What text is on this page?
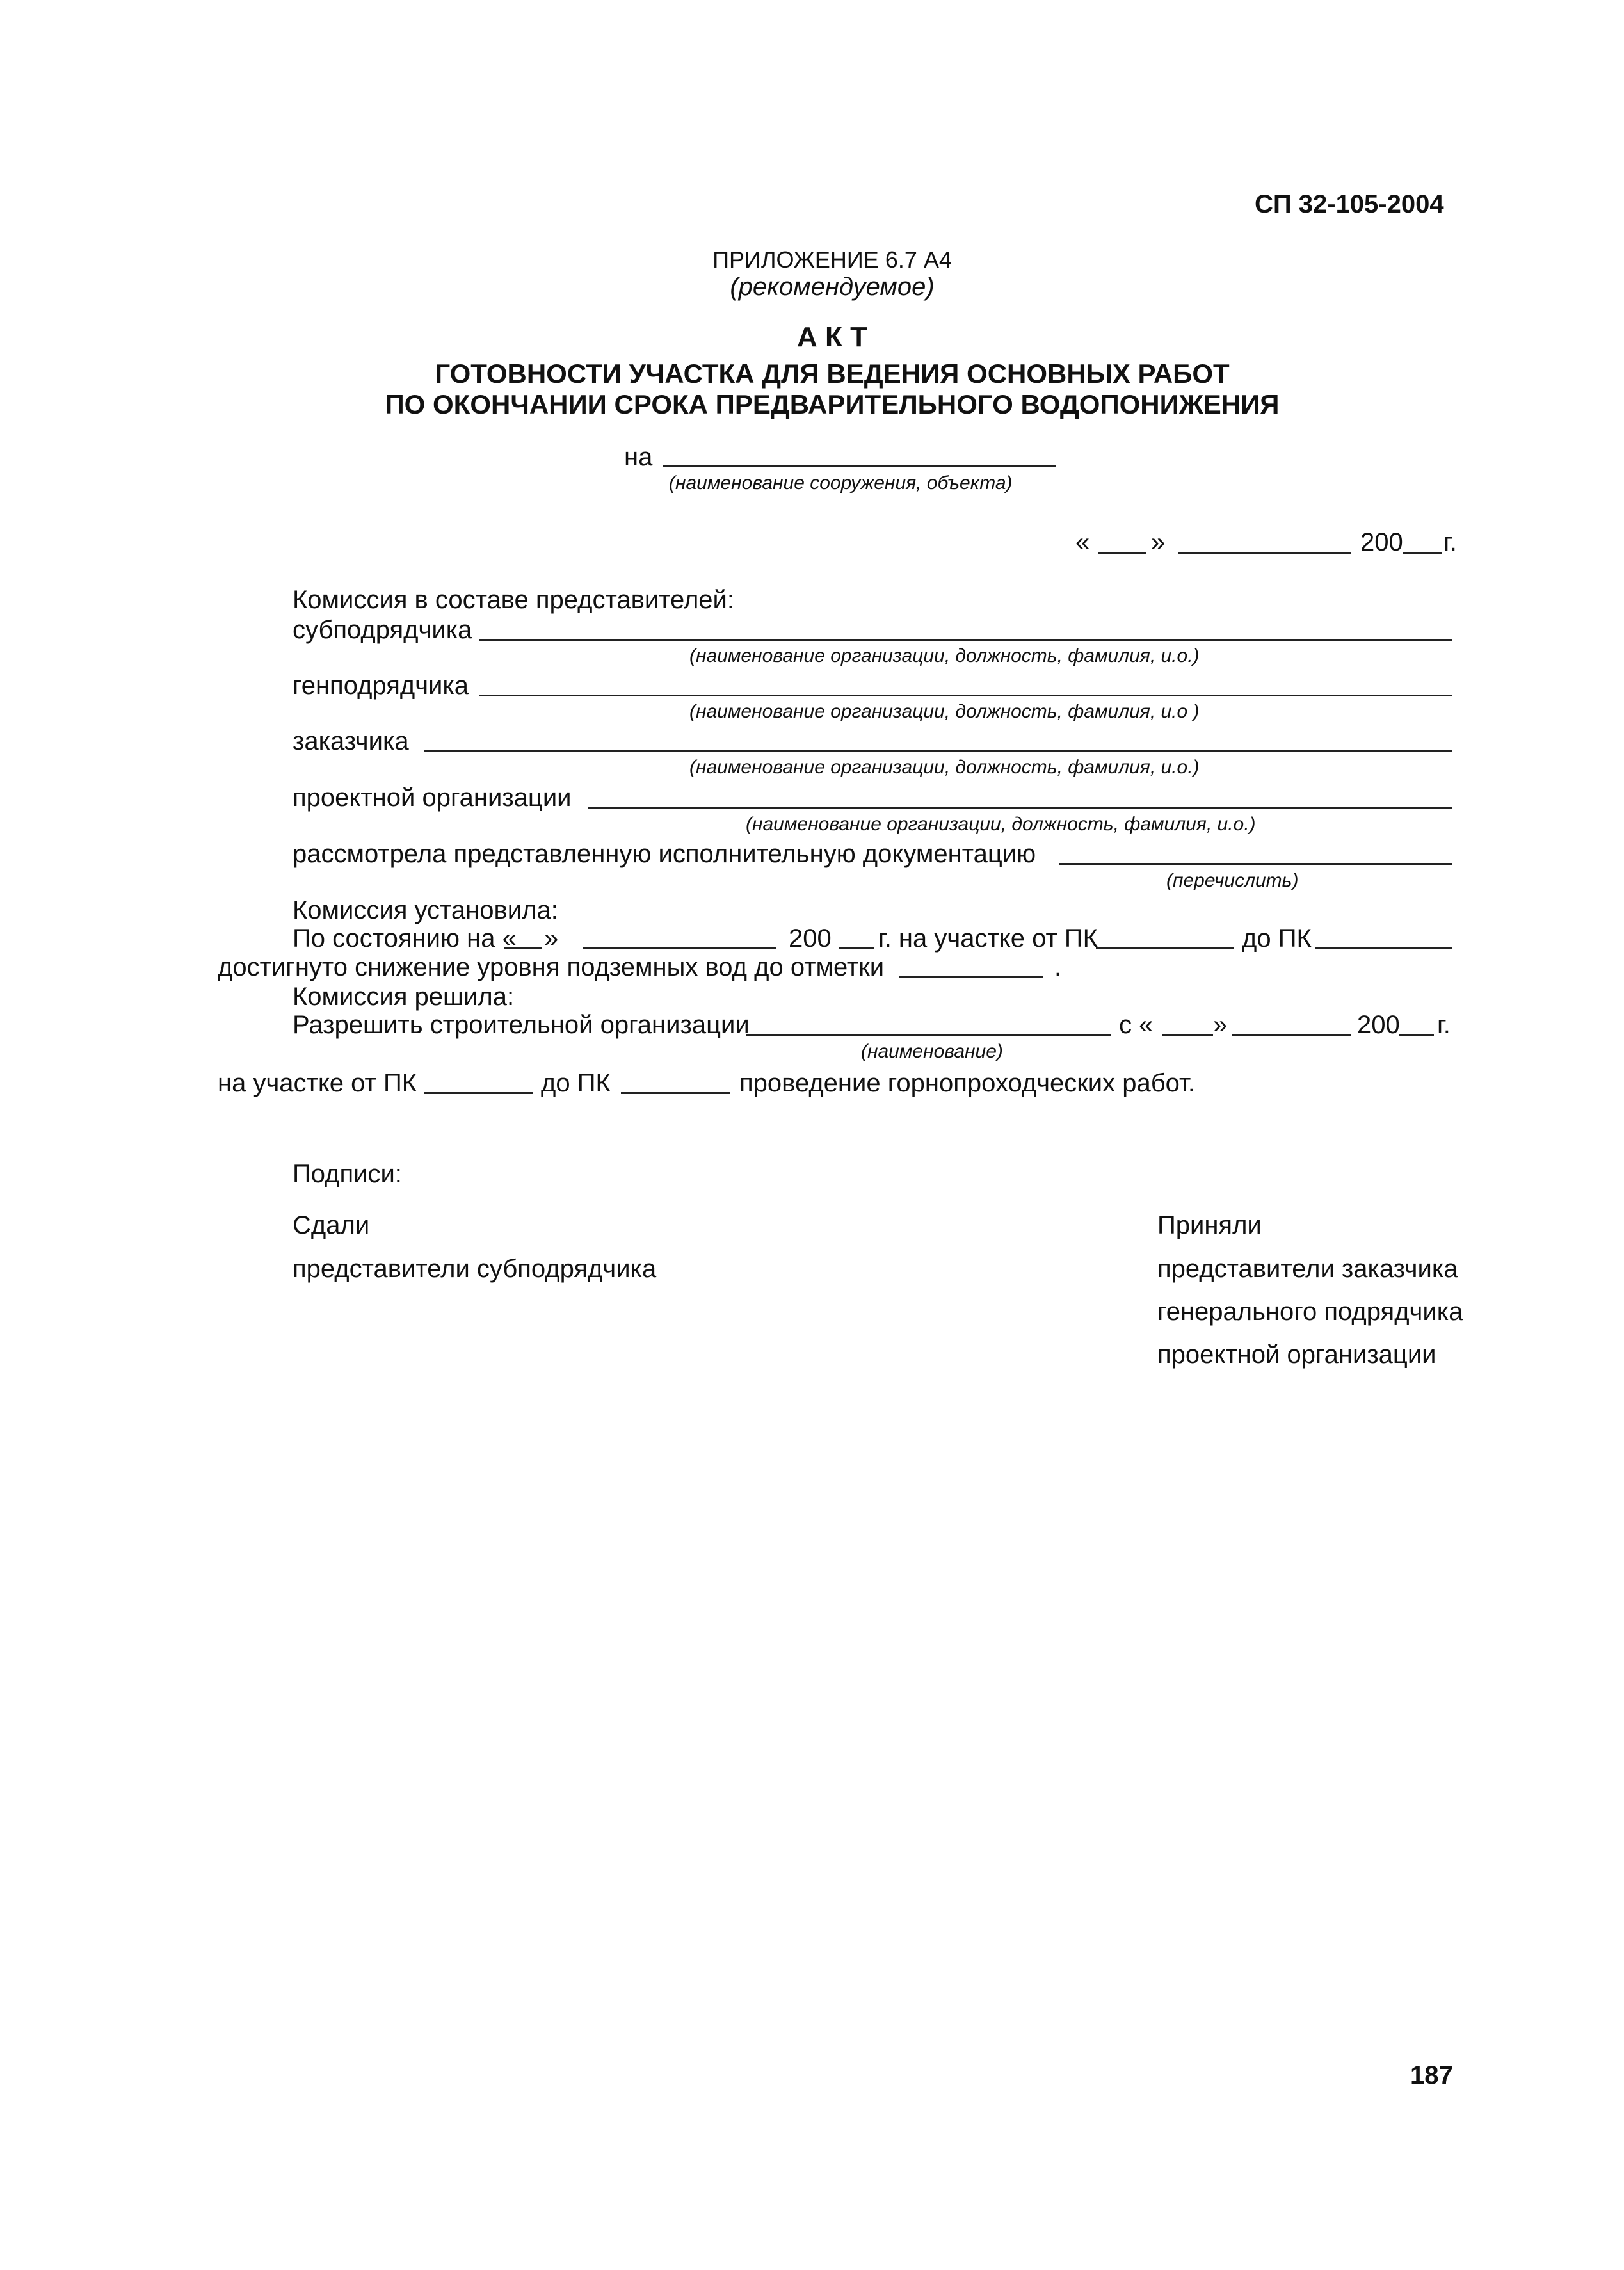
СП 32-105-2004
ПРИЛОЖЕНИЕ 6.7 А4
(рекомендуемое)
А К Т
ГОТОВНОСТИ УЧАСТКА ДЛЯ ВЕДЕНИЯ ОСНОВНЫХ РАБОТ
ПО ОКОНЧАНИИ СРОКА ПРЕДВАРИТЕЛЬНОГО ВОДОПОНИЖЕНИЯ
на
(наименование сооружения, объекта)
« »	200 г.
Комиссия в составе представителей:
субподрядчика
(наименование организации, должность, фамилия, и.о.)
генподрядчика
(наименование организации, должность, фамилия, и.о )
заказчика
(наименование организации, должность, фамилия, и.о.)
проектной организации
(наименование организации, должность, фамилия, и.о.)
рассмотрела представленную исполнительную документацию
(перечислить)
Комиссия установила:
По состоянию на « »	200 г. на участке от ПК	до ПК
достигнуто снижение уровня подземных вод до отметки	.
Комиссия решила:
Разрешить строительной организации	с « »	200 г.
(наименование)
на участке от ПК	до ПК	проведение горнопроходческих работ.
Подписи:
Сдали
представители субподрядчика
Приняли
представители заказчика
генерального подрядчика
проектной организации
187
